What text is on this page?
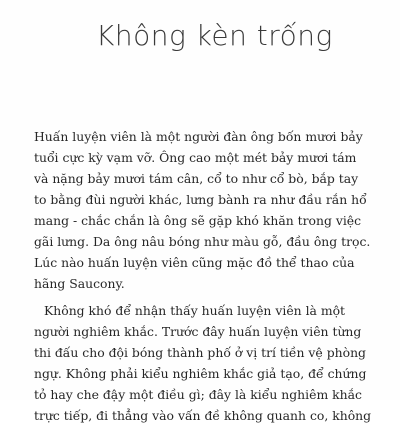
Không kèn trống

Huấn luyện viên là một người đàn ông bốn mươi bảy
tuổi cực kỳ vạm vỡ. Ông cao một mét bảy mươi tám
và nặng bảy mươi tám cân, cổ to như cổ bò, bắp tay
to bằng đùi người khác, lưng bành ra như đầu rắn hổ
mang - chắc chắn là ông sẽ gặp khó khăn trong việc
gãi lưng. Da ông nâu bóng như màu gỗ, đầu ông trọc.
Lúc nào huấn luyện viên cũng mặc đồ thể thao của
hãng Saucony.

Không khó để nhận thấy huấn luyện viên là một
người nghiêm khắc. Trước đây huấn luyện viên từng
thi đấu cho đội bóng thành phố ở vị trí tiền vệ phòng
ngự. Không phải kiểu nghiêm khắc giả tạo, để chứng
tỏ hay che đậy một điều gì; đây là kiểu nghiêm khắc
trực tiếp, đi thẳng vào vấn đề không quanh co, không
